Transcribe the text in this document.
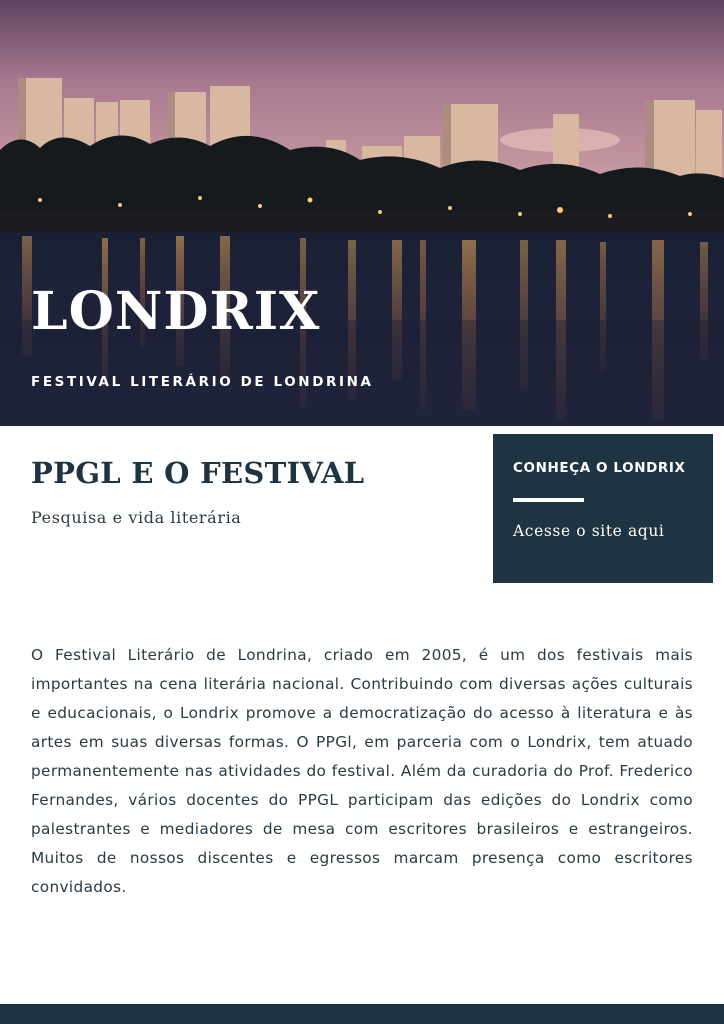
LONDRIX

FESTIVAL LITERÁRIO DE LONDRINA

PPGL E O FESTIVAL

Pesquisa e vida literária

CONHEÇA O LONDRIX

Acesse o site aqui

O Festival Literário de Londrina, criado em 2005, é um dos festivais mais importantes na cena literária nacional. Contribuindo com diversas ações culturais e educacionais, o Londrix promove a democratização do acesso à literatura e às artes em suas diversas formas. O PPGl, em parceria com o Londrix, tem atuado permanentemente nas atividades do festival. Além da curadoria do Prof. Frederico Fernandes, vários docentes do PPGL participam das edições do Londrix como palestrantes e mediadores de mesa com escritores brasileiros e estrangeiros. Muitos de nossos discentes e egressos marcam presença como escritores convidados.
